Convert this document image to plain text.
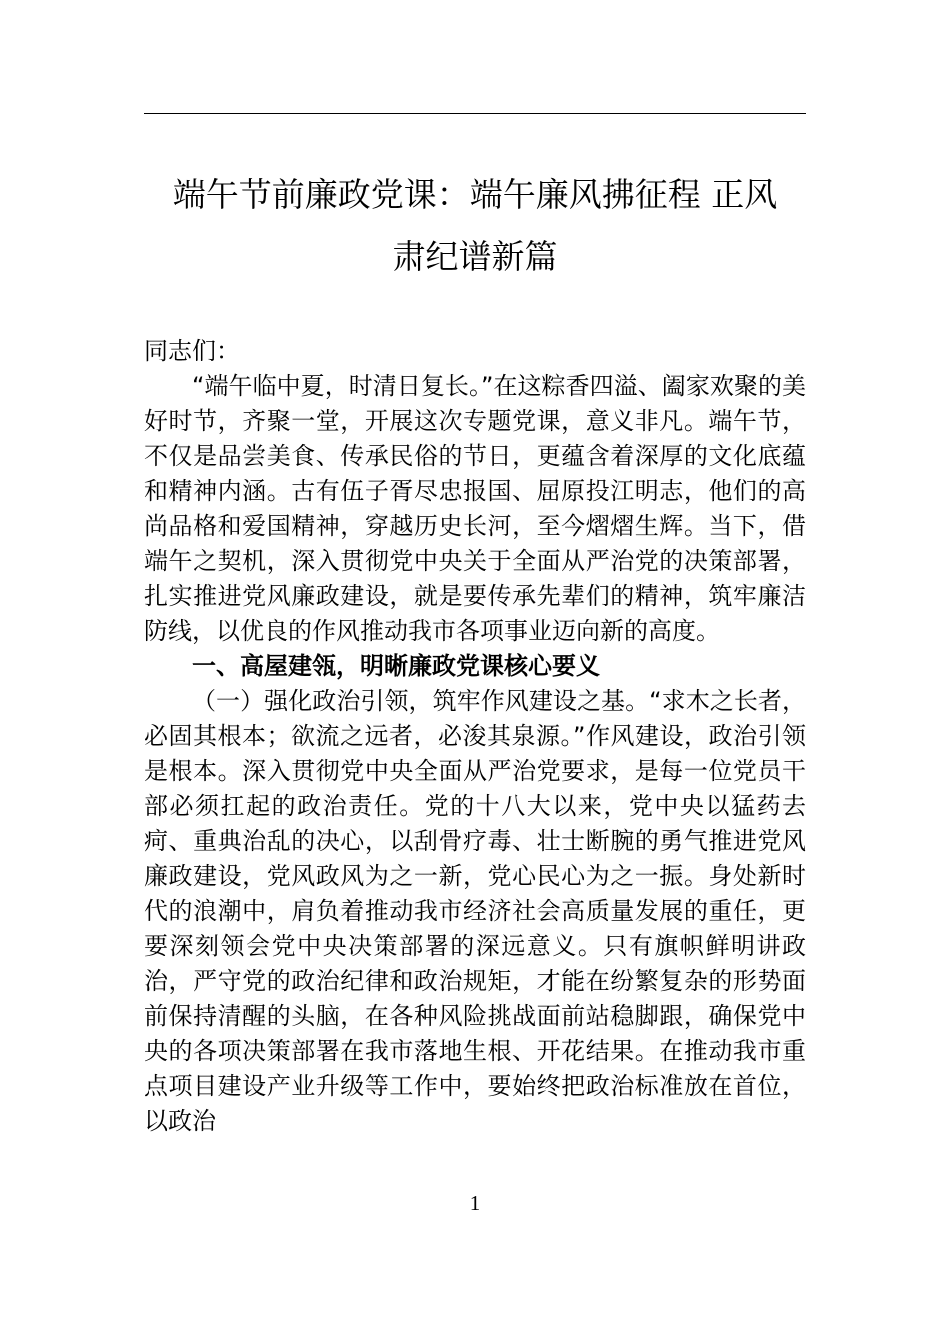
端午节前廉政党课：端午廉风拂征程 正风
肃纪谱新篇

同志们：

“端午临中夏，时清日复长。”在这粽香四溢、阖家欢聚的美好时节，齐聚一堂，开展这次专题党课，意义非凡。端午节，不仅是品尝美食、传承民俗的节日，更蕴含着深厚的文化底蕴和精神内涵。古有伍子胥尽忠报国、屈原投江明志，他们的高尚品格和爱国精神，穿越历史长河，至今熠熠生辉。当下，借端午之契机，深入贯彻党中央关于全面从严治党的决策部署，扎实推进党风廉政建设，就是要传承先辈们的精神，筑牢廉洁防线，以优良的作风推动我市各项事业迈向新的高度。

一、高屋建瓴，明晰廉政党课核心要义

（一）强化政治引领，筑牢作风建设之基。“求木之长者，必固其根本；欲流之远者，必浚其泉源。”作风建设，政治引领是根本。深入贯彻党中央全面从严治党要求，是每一位党员干部必须扛起的政治责任。党的十八大以来，党中央以猛药去疴、重典治乱的决心，以刮骨疗毒、壮士断腕的勇气推进党风廉政建设，党风政风为之一新，党心民心为之一振。身处新时代的浪潮中，肩负着推动我市经济社会高质量发展的重任，更要深刻领会党中央决策部署的深远意义。只有旗帜鲜明讲政治，严守党的政治纪律和政治规矩，才能在纷繁复杂的形势面前保持清醒的头脑，在各种风险挑战面前站稳脚跟，确保党中央的各项决策部署在我市落地生根、开花结果。在推动我市重点项目建设产业升级等工作中，要始终把政治标准放在首位，以政治

1
